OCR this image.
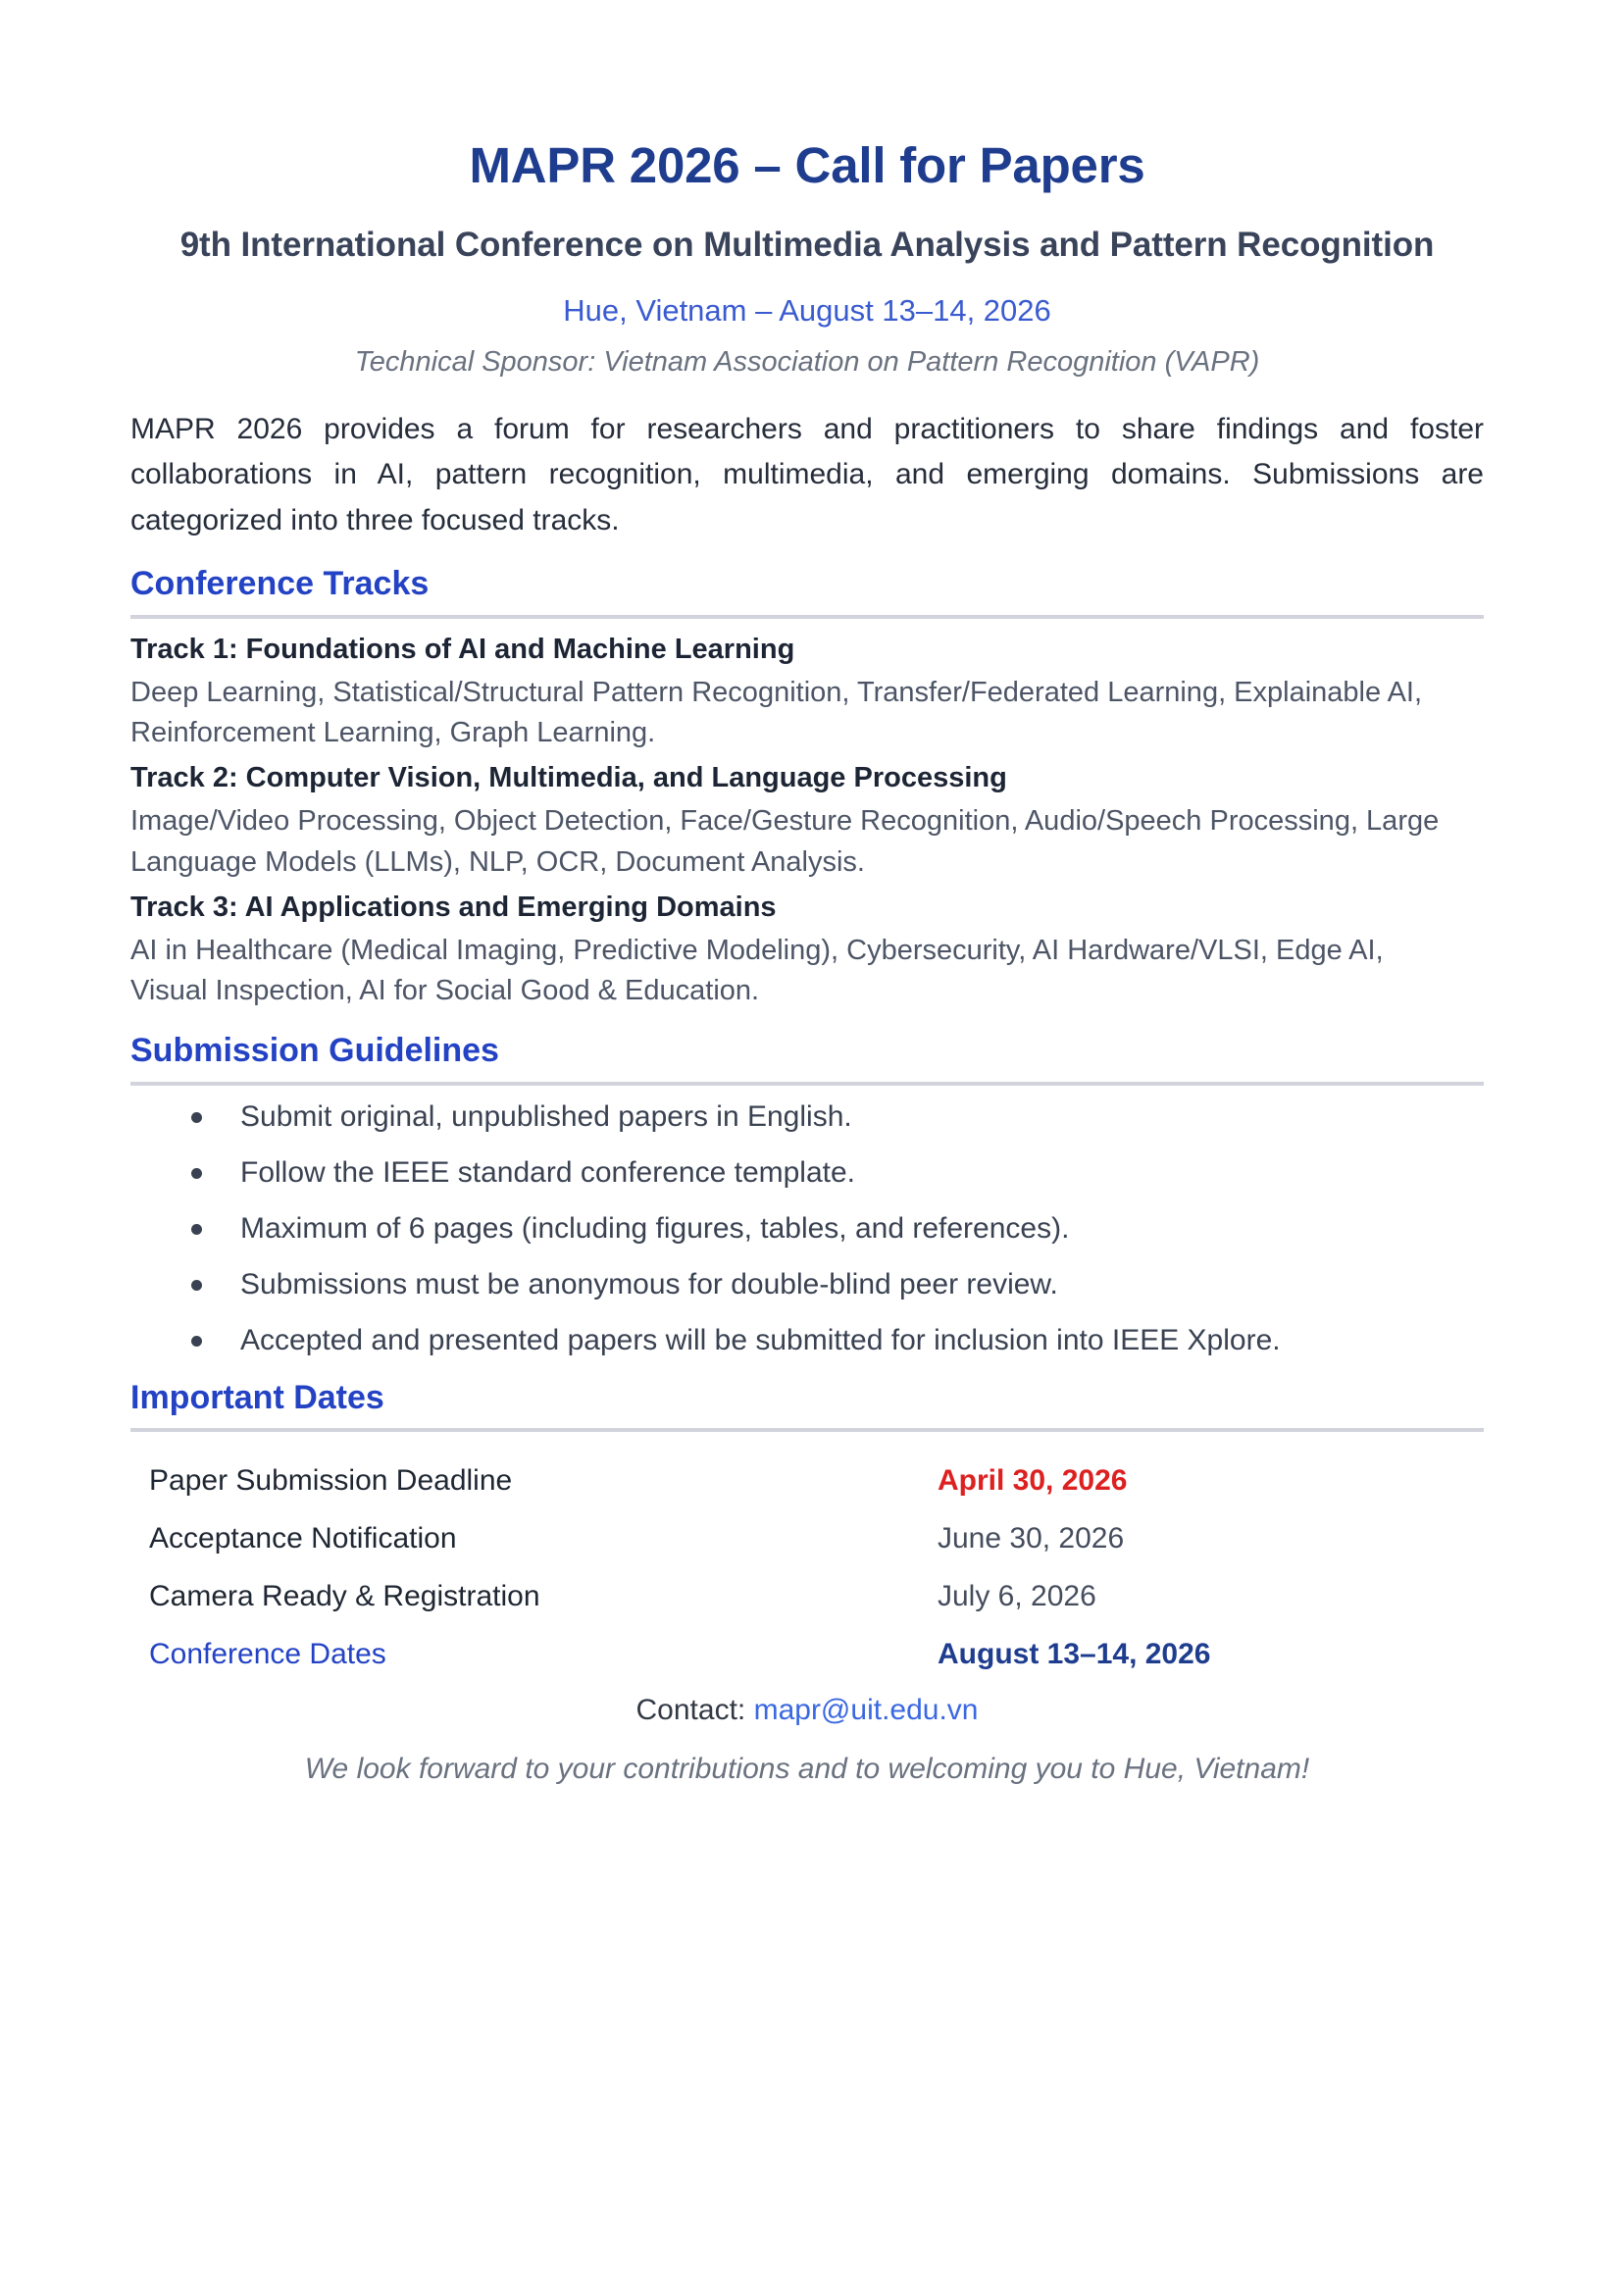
MAPR 2026 – Call for Papers
9th International Conference on Multimedia Analysis and Pattern Recognition

Hue, Vietnam – August 13–14, 2026

Technical Sponsor: Vietnam Association on Pattern Recognition (VAPR)

MAPR 2026 provides a forum for researchers and practitioners to share findings and foster collaborations in AI, pattern recognition, multimedia, and emerging domains. Submissions are categorized into three focused tracks.

Conference Tracks

Track 1: Foundations of AI and Machine Learning

Deep Learning, Statistical/Structural Pattern Recognition, Transfer/Federated Learning, Explainable AI, Reinforcement Learning, Graph Learning.

Track 2: Computer Vision, Multimedia, and Language Processing

Image/Video Processing, Object Detection, Face/Gesture Recognition, Audio/Speech Processing, Large Language Models (LLMs), NLP, OCR, Document Analysis.

Track 3: AI Applications and Emerging Domains

AI in Healthcare (Medical Imaging, Predictive Modeling), Cybersecurity, AI Hardware/VLSI, Edge AI, Visual Inspection, AI for Social Good & Education.

Submission Guidelines
Submit original, unpublished papers in English.
Follow the IEEE standard conference template.
Maximum of 6 pages (including figures, tables, and references).
Submissions must be anonymous for double-blind peer review.
Accepted and presented papers will be submitted for inclusion into IEEE Xplore.
Important Dates
Paper Submission Deadline	April 30, 2026
Acceptance Notification	June 30, 2026
Camera Ready & Registration	July 6, 2026
Conference Dates	August 13–14, 2026

Contact: mapr@uit.edu.vn

We look forward to your contributions and to welcoming you to Hue, Vietnam!
